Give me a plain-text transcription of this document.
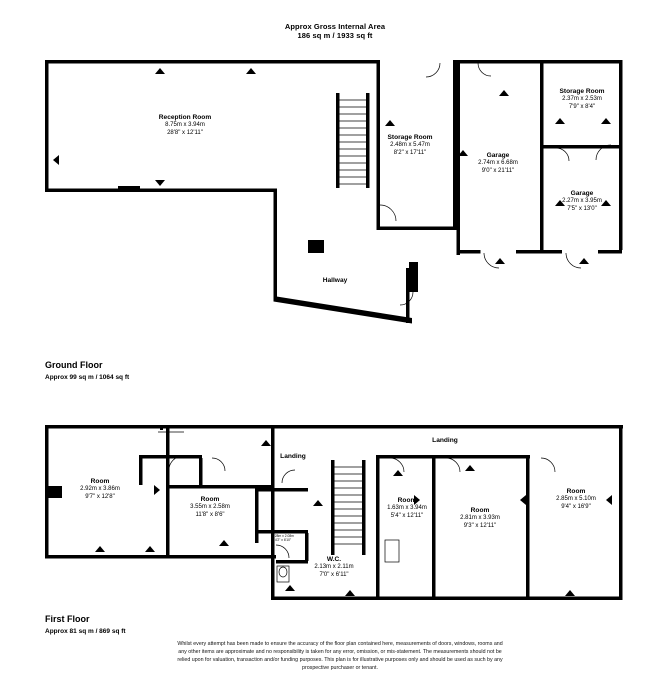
Approx Gross Internal Area
186 sq m / 1933 sq ft
Reception Room
8.75m x 3.94m
28'8" x 12'11"
Storage Room
2.48m x 5.47m
8'2" x 17'11"	Garage
2.74m x 6.68m
9'0" x 21'11"
Storage Room
2.37m x 2.53m
7'9" x 8'4"
Garage
2.27m x 3.95m
7'5" x 13'0"
Hallway
Ground Floor
Approx 99 sq m / 1064 sq ft
Room
2.92m x 3.86m
9'7" x 12'8"	Room
3.55m x 2.58m
11'8" x 8'6"
Room
1.63m x 3.94m
5'4" x 12'11"
Room
2.81m x 3.93m
9'3" x 12'11"
Room
2.85m x 5.10m
9'4" x 16'9"
W.C.
2.13m x 2.11m
7'0" x 6'11"
W.C.
1.28m x 2.08m
4'2" x 6'10"
Landing
Landing
First Floor
Approx 81 sq m / 869 sq ft
Whilst every attempt has been made to ensure the accuracy of the floor plan contained here, measurements of doors, windows, rooms and
any other items are approximate and no responsibility is taken for any error, omission, or mis-statement. The measurements should not be
relied upon for valuation, transaction and/or funding purposes. This plan is for illustrative purposes only and should be used as such by any
prospective purchaser or tenant.
